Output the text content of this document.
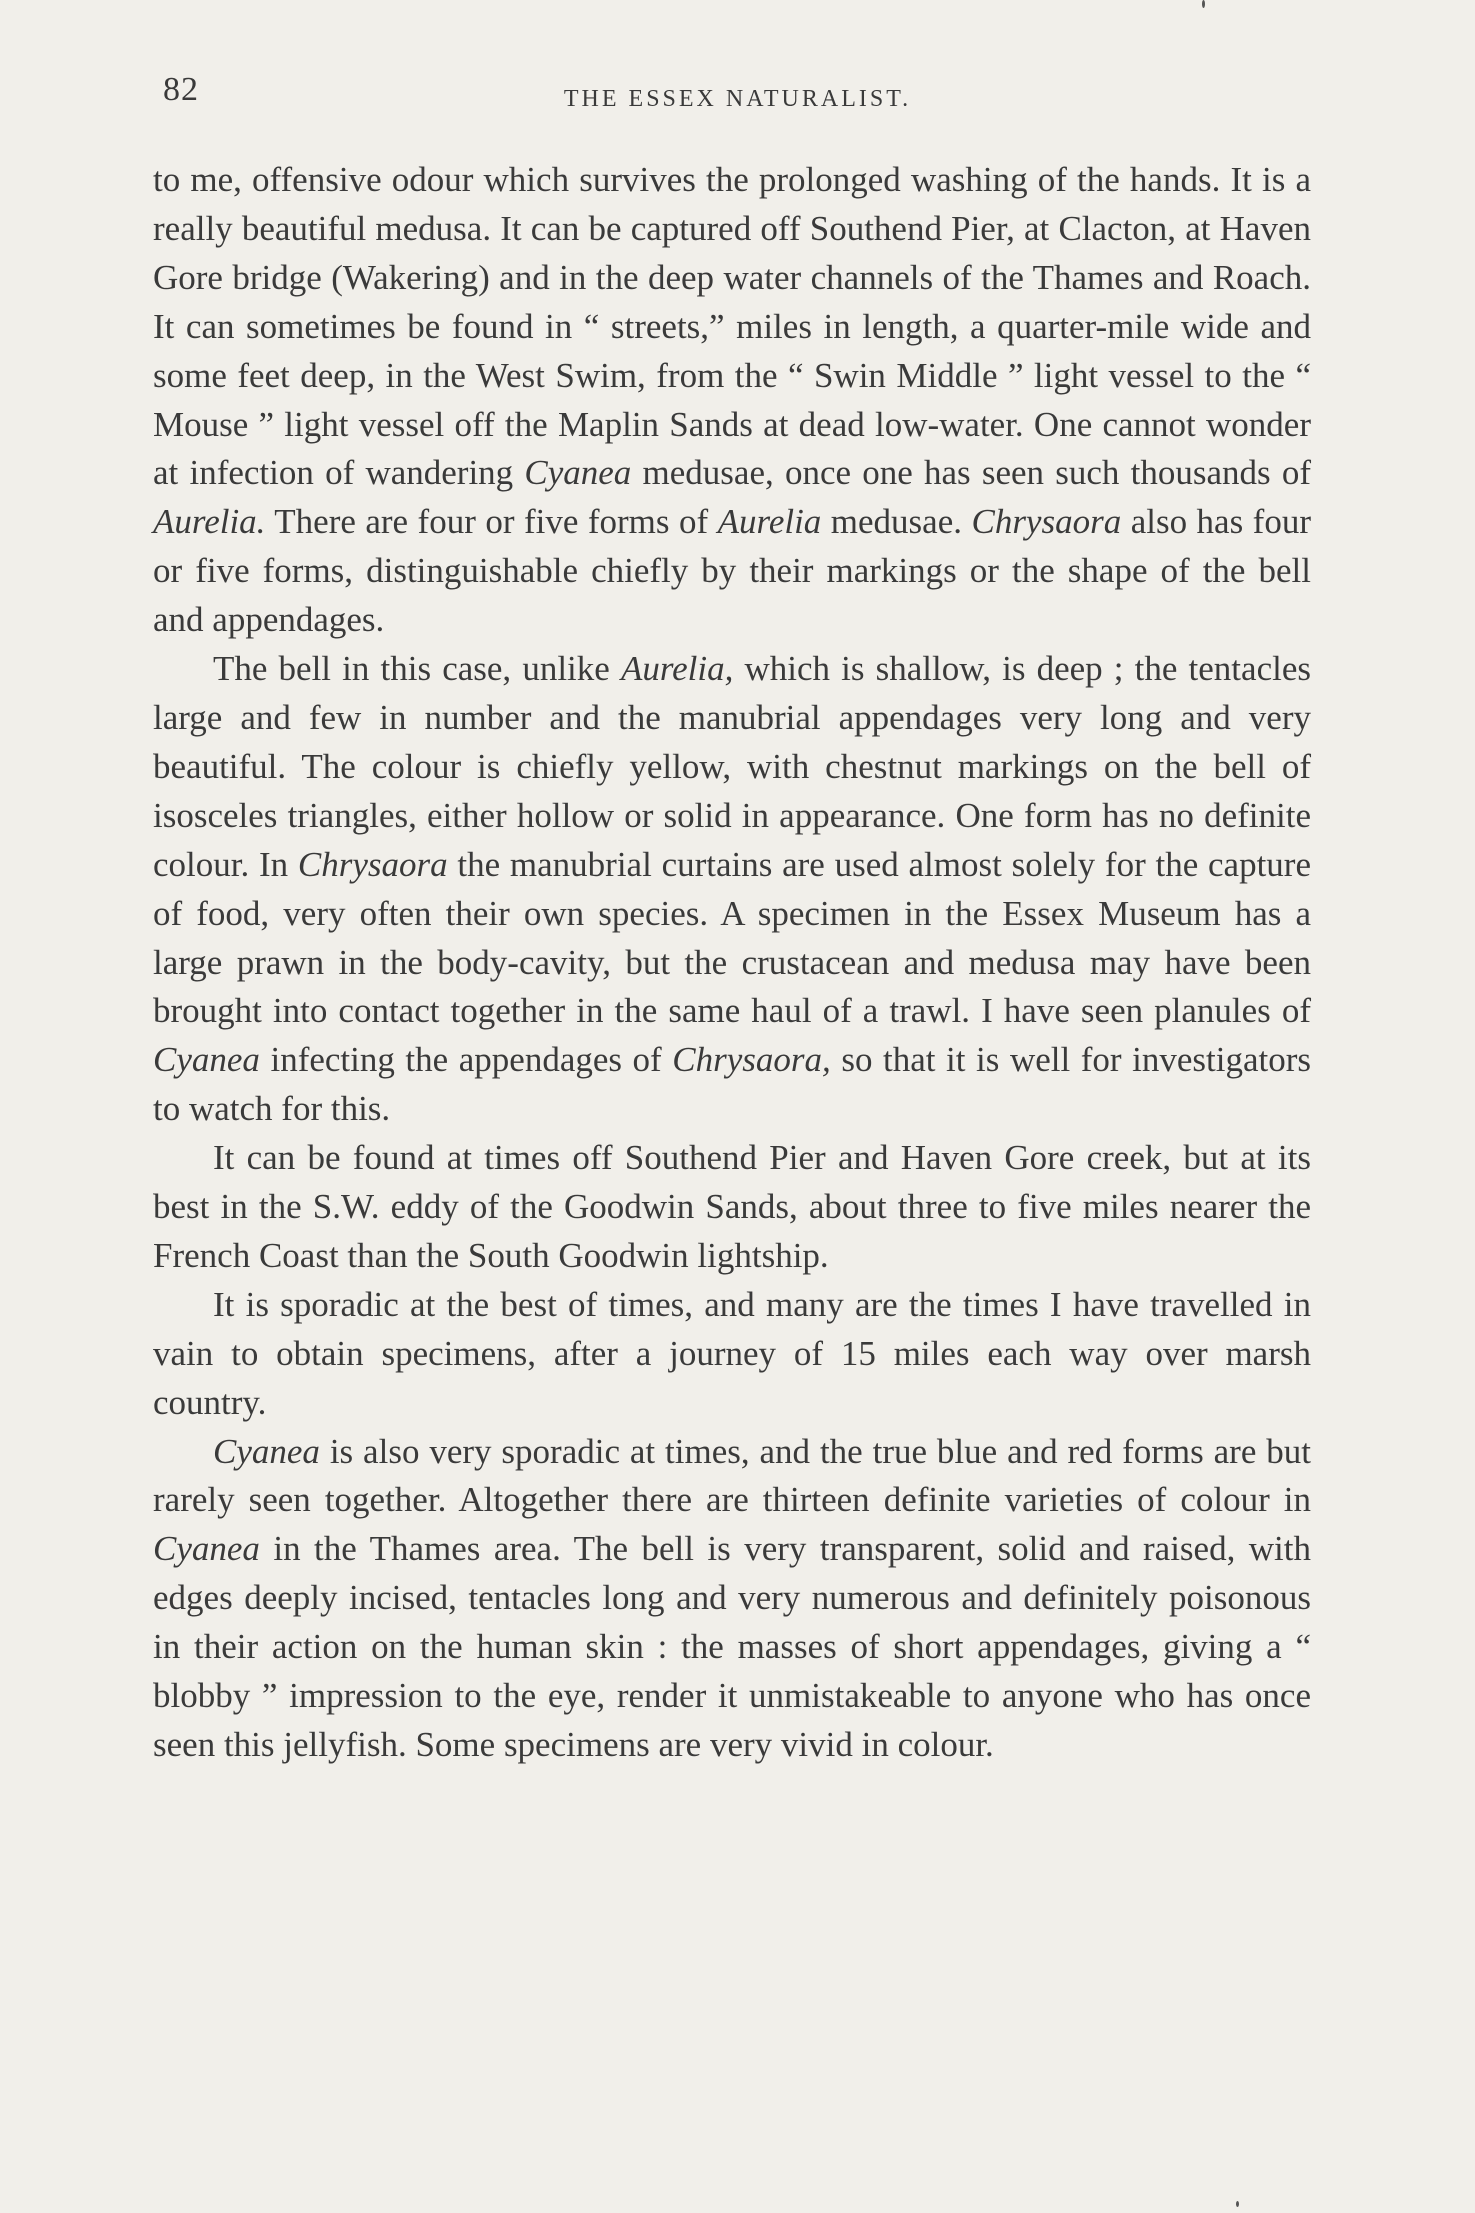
82	THE ESSEX NATURALIST.

to me, offensive odour which survives the prolonged washing of the hands. It is a really beautiful medusa. It can be captured off Southend Pier, at Clacton, at Haven Gore bridge (Wakering) and in the deep water channels of the Thames and Roach. It can sometimes be found in “ streets,” miles in length, a quarter-mile wide and some feet deep, in the West Swim, from the “ Swin Middle ” light vessel to the “ Mouse ” light vessel off the Maplin Sands at dead low-water. One cannot wonder at infection of wandering Cyanea medusae, once one has seen such thousands of Aurelia. There are four or five forms of Aurelia medusae. Chrysaora also has four or five forms, distinguishable chiefly by their markings or the shape of the bell and appendages.

The bell in this case, unlike Aurelia, which is shallow, is deep ; the tentacles large and few in number and the manubrial appendages very long and very beautiful. The colour is chiefly yellow, with chestnut markings on the bell of isosceles triangles, either hollow or solid in appearance. One form has no definite colour. In Chrysaora the manubrial curtains are used almost solely for the capture of food, very often their own species. A specimen in the Essex Museum has a large prawn in the body-cavity, but the crustacean and medusa may have been brought into contact together in the same haul of a trawl. I have seen planules of Cyanea infecting the appendages of Chrysaora, so that it is well for investigators to watch for this.

It can be found at times off Southend Pier and Haven Gore creek, but at its best in the S.W. eddy of the Goodwin Sands, about three to five miles nearer the French Coast than the South Goodwin lightship.

It is sporadic at the best of times, and many are the times I have travelled in vain to obtain specimens, after a journey of 15 miles each way over marsh country.

Cyanea is also very sporadic at times, and the true blue and red forms are but rarely seen together. Altogether there are thirteen definite varieties of colour in Cyanea in the Thames area. The bell is very transparent, solid and raised, with edges deeply incised, tentacles long and very numerous and definitely poisonous in their action on the human skin : the masses of short appendages, giving a “ blobby ” impression to the eye, render it unmistakeable to anyone who has once seen this jellyfish. Some specimens are very vivid in colour.
